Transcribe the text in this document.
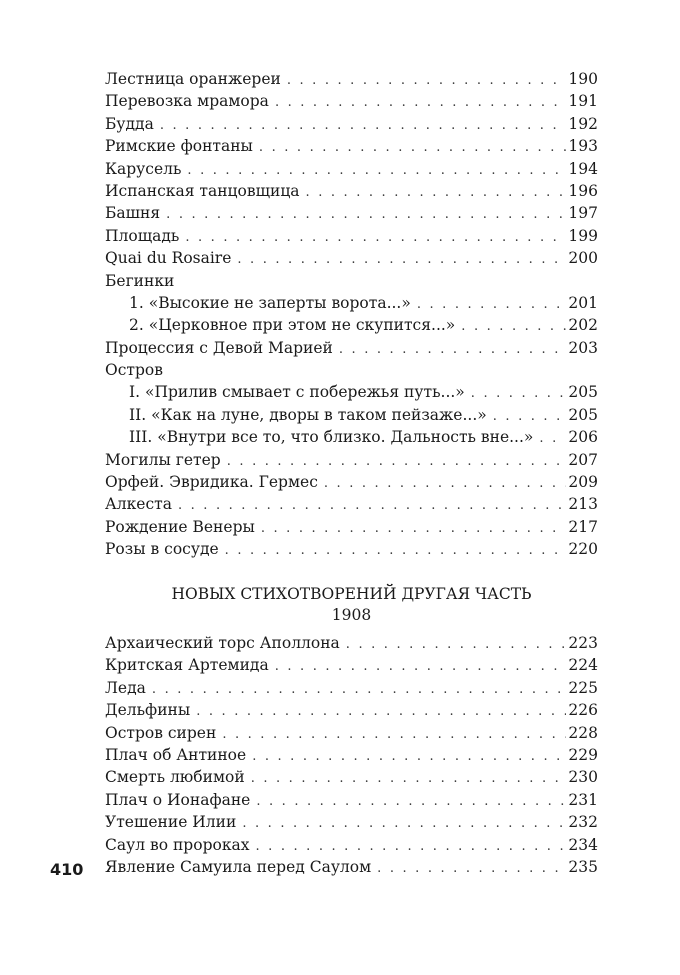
Лестница оранжереи . . .	190
Перевозка мрамора . . .	191
Будда . . .	192
Римские фонтаны . . .	193
Карусель . . .	194
Испанская танцовщица . . .	196
Башня . . .	197
Площадь . . .	199
Quai du Rosaire . . .	200
Бегинки
1. «Высокие не заперты ворота...» . . .	201
2. «Церковное при этом не скупится...» . . .	202
Процессия с Девой Марией . . .	203
Остров
I. «Прилив смывает с побережья путь...» . . .	205
II. «Как на луне, дворы в таком пейзаже...» . . .	205
III. «Внутри все то, что близко. Дальность вне...» . . .	206
Могилы гетер . . .	207
Орфей. Эвридика. Гермес . . .	209
Алкеста . . .	213
Рождение Венеры . . .	217
Розы в сосуде . . .	220
НОВЫХ СТИХОТВОРЕНИЙ ДРУГАЯ ЧАСТЬ
1908
Архаический торс Аполлона . . .	223
Критская Артемида . . .	224
Леда . . .	225
Дельфины . . .	226
Остров сирен . . .	228
Плач об Антиное . . .	229
Смерть любимой . . .	230
Плач о Ионафане . . .	231
Утешение Илии . . .	232
Саул во пророках . . .	234
Явление Самуила перед Саулом . . .	235
410
